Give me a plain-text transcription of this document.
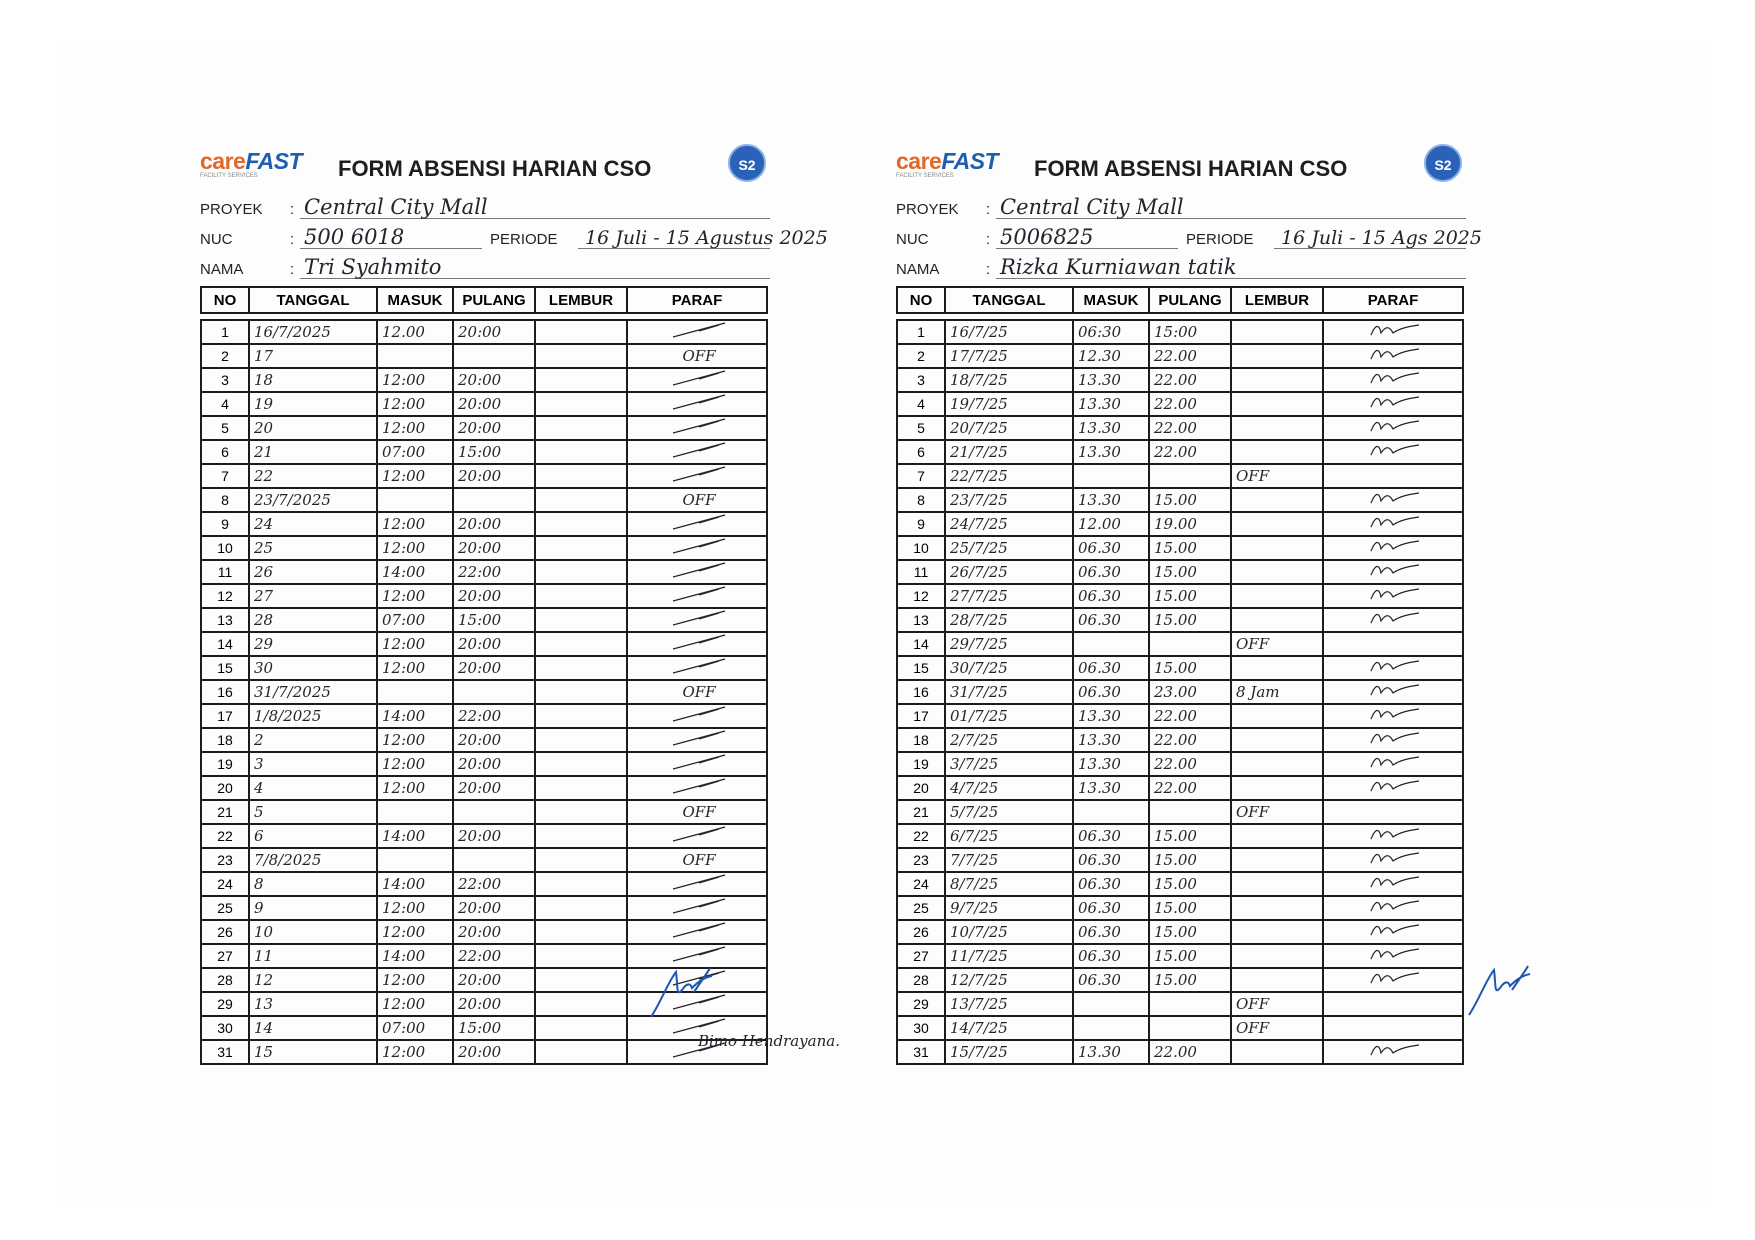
careFAST
FACILITY SERVICES	FORM ABSENSI HARIAN CSO	S2
PROYEK : Central City Mall
NUC	: 500 6018	PERIODE 16 Juli - 15 Agustus 2025
NAMA	: Tri Syahmito
NO	TANGGAL	MASUK	PULANG	LEMBUR	PARAF

1	16/7/2025	12.00	20:00		
2	17				OFF
3	18	12:00	20:00		
4	19	12:00	20:00		
5	20	12:00	20:00		
6	21	07:00	15:00		
7	22	12:00	20:00		
8	23/7/2025				OFF
9	24	12:00	20:00		
10	25	12:00	20:00		
11	26	14:00	22:00		
12	27	12:00	20:00		
13	28	07:00	15:00		
14	29	12:00	20:00		
15	30	12:00	20:00		
16	31/7/2025				OFF
17	1/8/2025	14:00	22:00		
18	2	12:00	20:00		
19	3	12:00	20:00		
20	4	12:00	20:00		
21	5				OFF
22	6	14:00	20:00		
23	7/8/2025				OFF
24	8	14:00	22:00		
25	9	12:00	20:00		
26	10	12:00	20:00		
27	11	14:00	22:00		
28	12	12:00	20:00		
29	13	12:00	20:00		
30	14	07:00	15:00		
31	15	12:00	20:00		
Bimo Hendrayana.
careFAST
FACILITY SERVICES	FORM ABSENSI HARIAN CSO	S2
PROYEK : Central City Mall
NUC	: 5006825	PERIODE 16 Juli - 15 Ags 2025
NAMA	: Rizka Kurniawan tatik
NO	TANGGAL	MASUK	PULANG	LEMBUR	PARAF

1	16/7/25	06:30	15:00		
2	17/7/25	12.30	22.00		
3	18/7/25	13.30	22.00		
4	19/7/25	13.30	22.00		
5	20/7/25	13.30	22.00		
6	21/7/25	13.30	22.00		
7	22/7/25			OFF	
8	23/7/25	13.30	15.00		
9	24/7/25	12.00	19.00		
10	25/7/25	06.30	15.00		
11	26/7/25	06.30	15.00		
12	27/7/25	06.30	15.00		
13	28/7/25	06.30	15.00		
14	29/7/25			OFF	
15	30/7/25	06.30	15.00		
16	31/7/25	06.30	23.00	8 Jam	
17	01/7/25	13.30	22.00		
18	2/7/25	13.30	22.00		
19	3/7/25	13.30	22.00		
20	4/7/25	13.30	22.00		
21	5/7/25			OFF	
22	6/7/25	06.30	15.00		
23	7/7/25	06.30	15.00		
24	8/7/25	06.30	15.00		
25	9/7/25	06.30	15.00		
26	10/7/25	06.30	15.00		
27	11/7/25	06.30	15.00		
28	12/7/25	06.30	15.00		
29	13/7/25			OFF	
30	14/7/25			OFF	
31	15/7/25	13.30	22.00		
